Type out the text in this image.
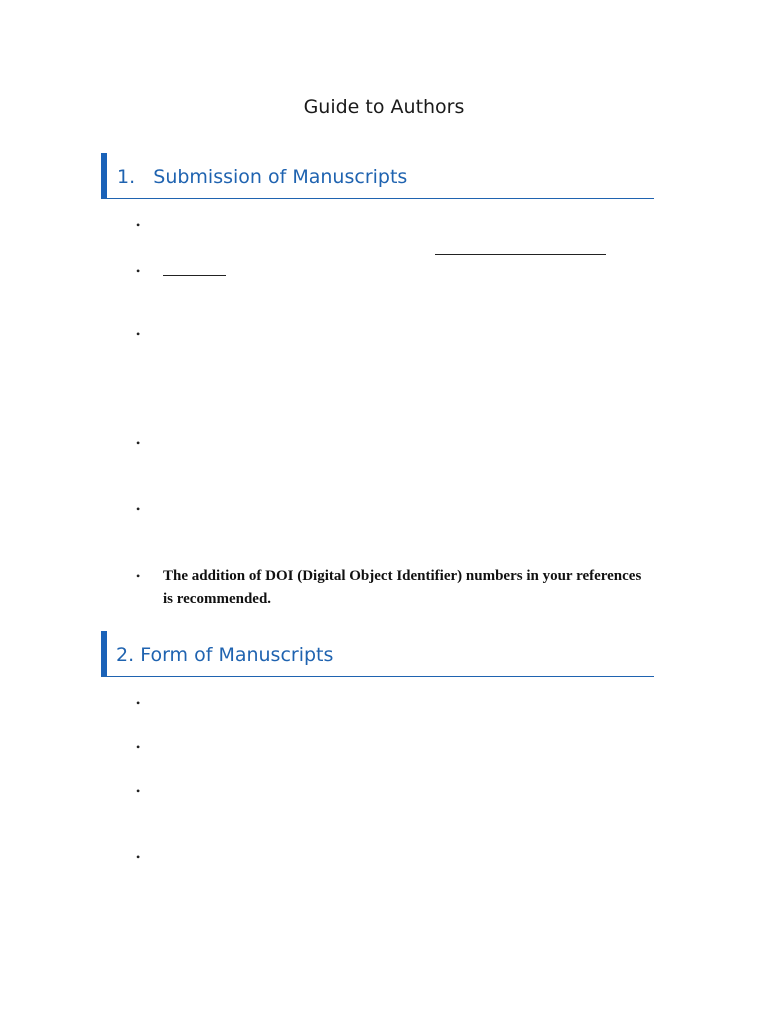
Guide to Authors
1. Submission of Manuscripts
•
•
•
•
•
• The addition of DOI (Digital Object Identifier) numbers in your references is recommended.
2. Form of Manuscripts
•
•
•
•
